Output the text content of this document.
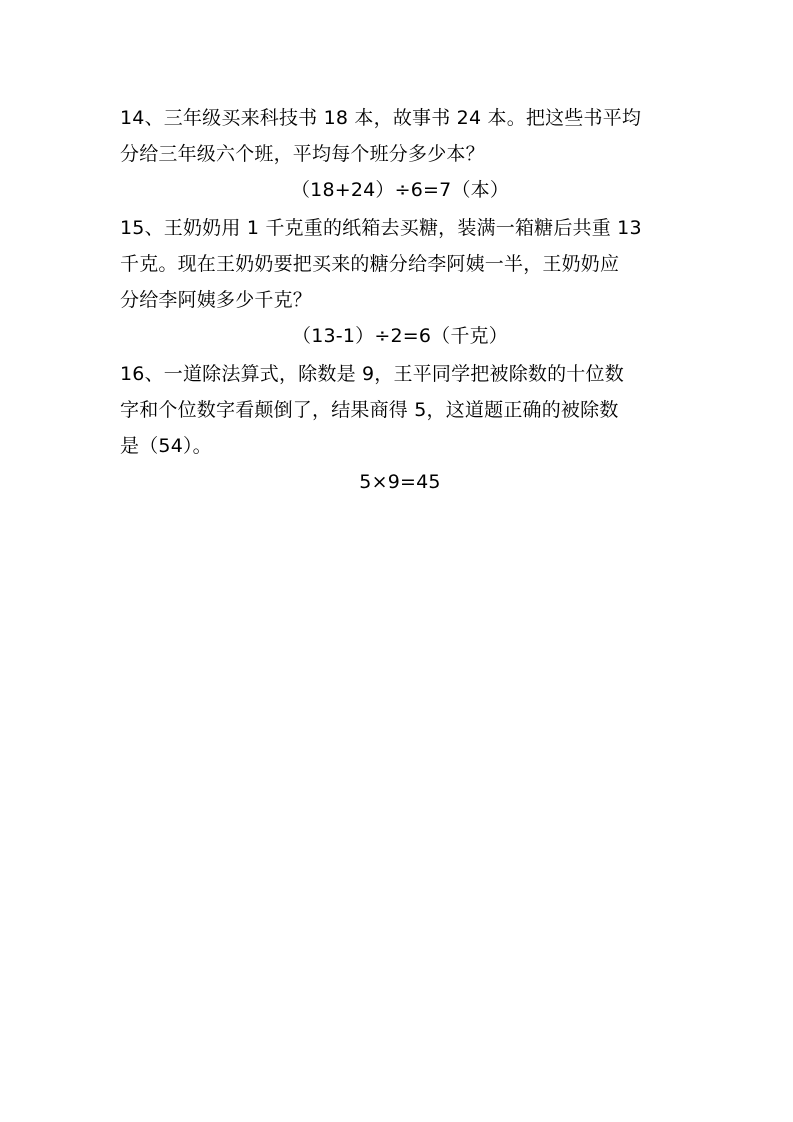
14、三年级买来科技书 18 本，故事书 24 本。把这些书平均

分给三年级六个班，平均每个班分多少本？

（18+24）÷6=7（本）

15、王奶奶用 1 千克重的纸箱去买糖，装满一箱糖后共重 13

千克。现在王奶奶要把买来的糖分给李阿姨一半，王奶奶应

分给李阿姨多少千克？

（13-1）÷2=6（千克）

16、一道除法算式，除数是 9，王平同学把被除数的十位数

字和个位数字看颠倒了，结果商得 5，这道题正确的被除数

是（54）。

5×9=45
